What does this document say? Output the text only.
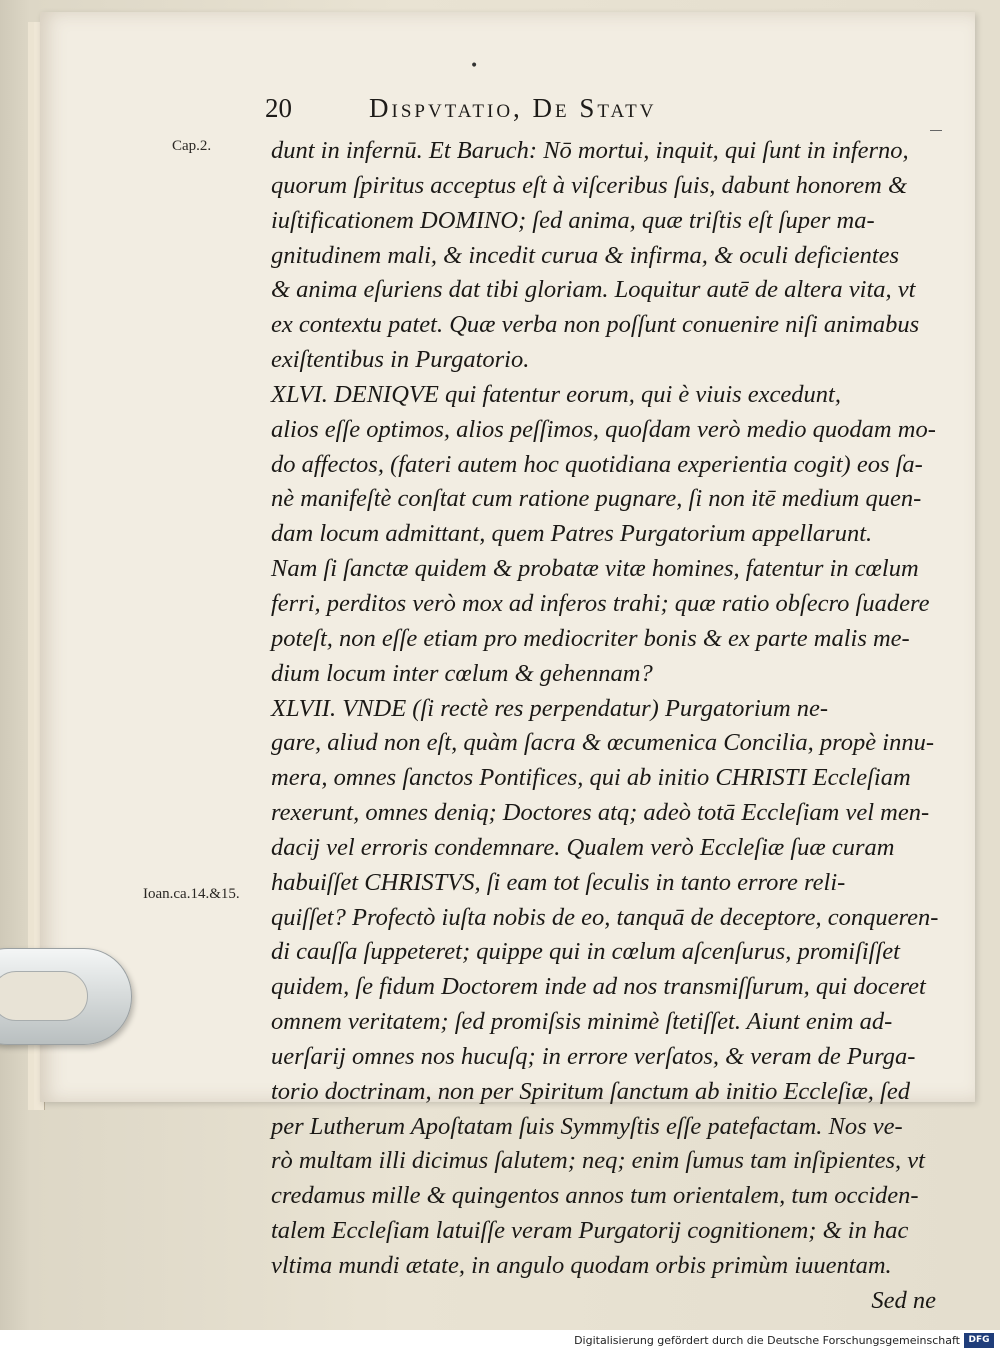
•
20	Dispvtatio, De Statv
Cap.2.
Ioan.ca.14.&15.
dunt in infernū. Et Baruch: Nō mortui, inquit, qui ſunt in inferno,
quorum ſpiritus acceptus eſt à viſceribus ſuis, dabunt honorem &
iuſtificationem DOMINO; ſed anima, quæ triſtis eſt ſuper ma-
gnitudinem mali, & incedit curua & infirma, & oculi deficientes
& anima eſuriens dat tibi gloriam. Loquitur autē de altera vita, vt
ex contextu patet. Quæ verba non poſſunt conuenire niſi animabus
exiſtentibus in Purgatorio.
XLVI. DENIQVE qui fatentur eorum, qui è viuis excedunt,
alios eſſe optimos, alios peſſimos, quoſdam verò medio quodam mo-
do affectos, (fateri autem hoc quotidiana experientia cogit) eos ſa-
nè manifeſtè conſtat cum ratione pugnare, ſi non itē medium quen-
dam locum admittant, quem Patres Purgatorium appellarunt.
Nam ſi ſanctæ quidem & probatæ vitæ homines, fatentur in cœlum
ferri, perditos verò mox ad inferos trahi; quæ ratio obſecro ſuadere
poteſt, non eſſe etiam pro mediocriter bonis & ex parte malis me-
dium locum inter cœlum & gehennam?
XLVII. VNDE (ſi rectè res perpendatur) Purgatorium ne-
gare, aliud non eſt, quàm ſacra & œcumenica Concilia, propè innu-
mera, omnes ſanctos Pontifices, qui ab initio CHRISTI Eccleſiam
rexerunt, omnes deniq; Doctores atq; adeò totā Eccleſiam vel men-
dacij vel erroris condemnare. Qualem verò Eccleſiæ ſuæ curam
habuiſſet CHRISTVS, ſi eam tot ſeculis in tanto errore reli-
quiſſet? Profectò iuſta nobis de eo, tanquā de deceptore, conqueren-
di cauſſa ſuppeteret; quippe qui in cœlum aſcenſurus, promiſiſſet
quidem, ſe fidum Doctorem inde ad nos transmiſſurum, qui doceret
omnem veritatem; ſed promiſsis minimè ſtetiſſet. Aiunt enim ad-
uerſarij omnes nos hucuſq; in errore verſatos, & veram de Purga-
torio doctrinam, non per Spiritum ſanctum ab initio Eccleſiæ, ſed
per Lutherum Apoſtatam ſuis Symmyſtis eſſe patefactam. Nos ve-
rò multam illi dicimus ſalutem; neq; enim ſumus tam inſipientes, vt
credamus mille & quingentos annos tum orientalem, tum occiden-
talem Eccleſiam latuiſſe veram Purgatorij cognitionem; & in hac
vltima mundi ætate, in angulo quodam orbis primùm iuuentam.
Sed ne
Digitalisierung gefördert durch die Deutsche Forschungsgemeinschaft DFG
